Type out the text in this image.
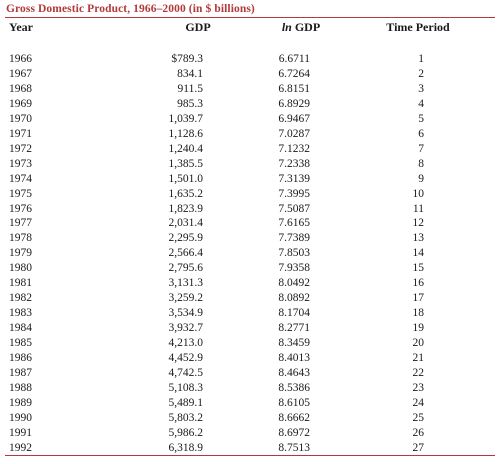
Gross Domestic Product, 1966–2000 (in $ billions)
Year	GDP	ln GDP	Time Period
1966	$789.3	6.6711	1
1967	834.1	6.7264	2
1968	911.5	6.8151	3
1969	985.3	6.8929	4
1970	1,039.7	6.9467	5
1971	1,128.6	7.0287	6
1972	1,240.4	7.1232	7
1973	1,385.5	7.2338	8
1974	1,501.0	7.3139	9
1975	1,635.2	7.3995	10
1976	1,823.9	7.5087	11
1977	2,031.4	7.6165	12
1978	2,295.9	7.7389	13
1979	2,566.4	7.8503	14
1980	2,795.6	7.9358	15
1981	3,131.3	8.0492	16
1982	3,259.2	8.0892	17
1983	3,534.9	8.1704	18
1984	3,932.7	8.2771	19
1985	4,213.0	8.3459	20
1986	4,452.9	8.4013	21
1987	4,742.5	8.4643	22
1988	5,108.3	8.5386	23
1989	5,489.1	8.6105	24
1990	5,803.2	8.6662	25
1991	5,986.2	8.6972	26
1992	6,318.9	8.7513	27
